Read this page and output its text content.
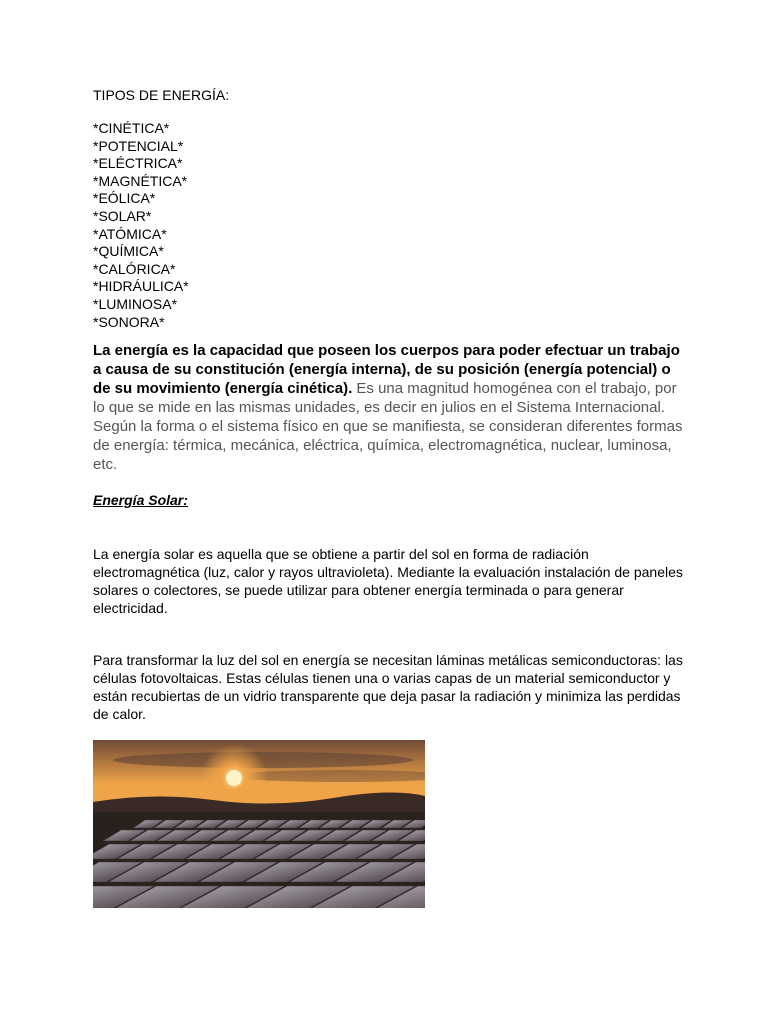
TIPOS DE ENERGÍA:

*CINÉTICA*
*POTENCIAL*
*ELÉCTRICA*
*MAGNÉTICA*
*EÓLICA*
*SOLAR*
*ATÓMICA*
*QUÍMICA*
*CALÓRICA*
*HIDRÁULICA*
*LUMINOSA*
*SONORA*

La energía es la capacidad que poseen los cuerpos para poder efectuar un trabajo a causa de su constitución (energía interna), de su posición (energía potencial) o de su movimiento (energía cinética). Es una magnitud homogénea con el trabajo, por lo que se mide en las mismas unidades, es decir en julios en el Sistema Internacional. Según la forma o el sistema físico en que se manifiesta, se consideran diferentes formas de energía: térmica, mecánica, eléctrica, química, electromagnética, nuclear, luminosa, etc.

Energía Solar:

La energía solar es aquella que se obtiene a partir del sol en forma de radiación electromagnética (luz, calor y rayos ultravioleta). Mediante la evaluación instalación de paneles solares o colectores, se puede utilizar para obtener energía terminada o para generar electricidad.

Para transformar la luz del sol en energía se necesitan láminas metálicas semiconductoras: las células fotovoltaicas. Estas células tienen una o varias capas de un material semiconductor y están recubiertas de un vidrio transparente que deja pasar la radiación y minimiza las perdidas de calor.
